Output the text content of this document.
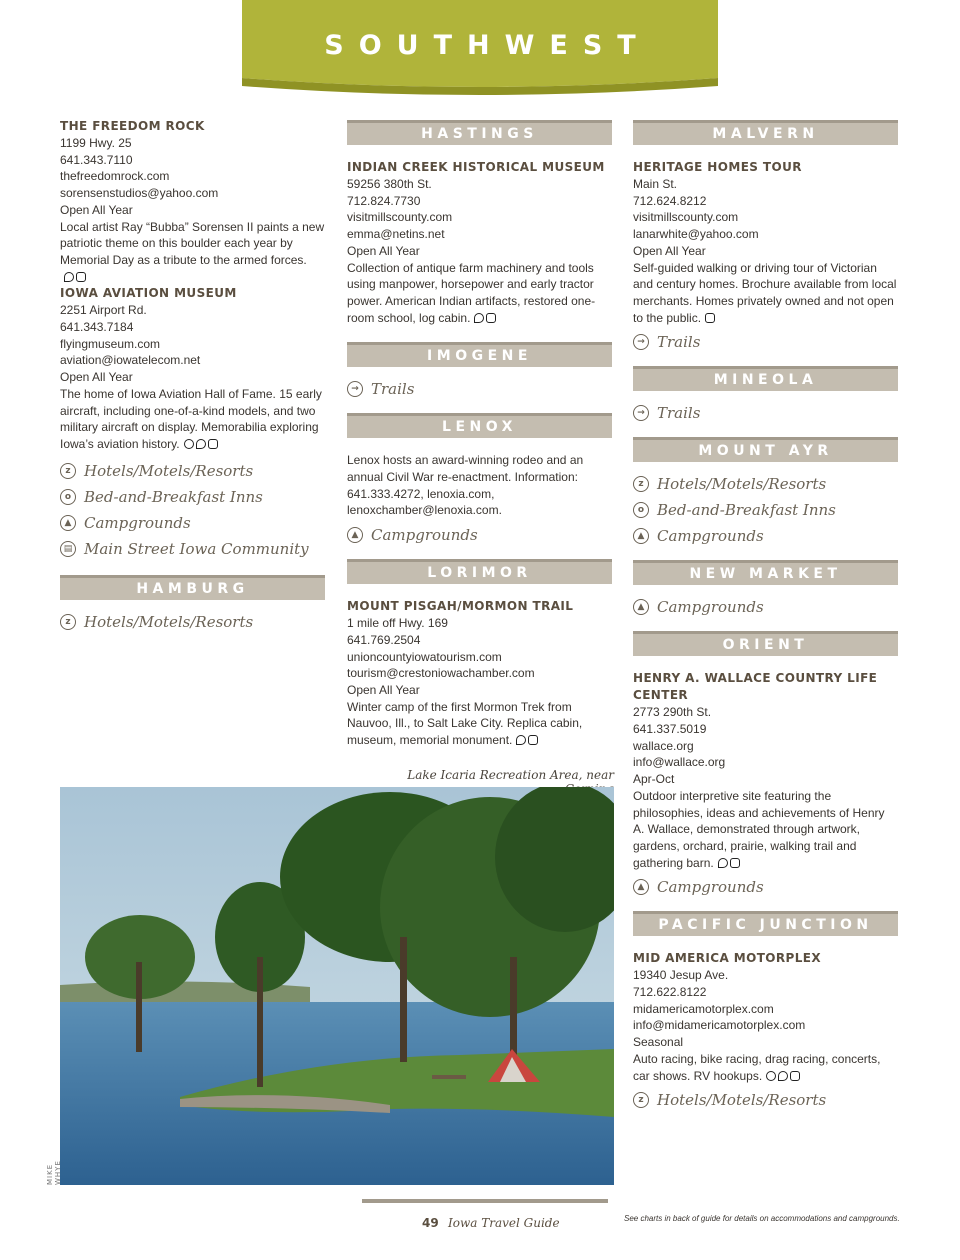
SOUTHWEST

THE FREEDOM ROCK

1199 Hwy. 25

641.343.7110

thefreedomrock.com

sorensenstudios@yahoo.com

Open All Year

Local artist Ray “Bubba” Sorensen II paints a new patriotic theme on this boulder each year by Memorial Day as a tribute to the armed forces.

IOWA AVIATION MUSEUM

2251 Airport Rd.

641.343.7184

flyingmuseum.com

aviation@iowatelecom.net

Open All Year

The home of Iowa Aviation Hall of Fame. 15 early aircraft, including one-of-a-kind models, and two military aircraft on display. Memorabilia exploring Iowa’s aviation history.

z Hotels/Motels/Resorts
o Bed-and-Breakfast Inns
▲ Campgrounds
▤ Main Street Iowa Community
HAMBURG
z Hotels/Motels/Resorts
HASTINGS

INDIAN CREEK HISTORICAL MUSEUM

59256 380th St.

712.824.7730

visitmillscounty.com

emma@netins.net

Open All Year

Collection of antique farm machinery and tools using manpower, horsepower and early tractor power. American Indian artifacts, restored one-room school, log cabin.

IMOGENE
→ Trails
LENOX

Lenox hosts an award-winning rodeo and an annual Civil War re-enactment. Information: 641.333.4272, lenoxia.com, lenoxchamber@lenoxia.com.

▲ Campgrounds
LORIMOR

MOUNT PISGAH/MORMON TRAIL

1 mile off Hwy. 169

641.769.2504

unioncountyiowatourism.com

tourism@crestoniowachamber.com

Open All Year

Winter camp of the first Mormon Trek from Nauvoo, Ill., to Salt Lake City. Replica cabin, museum, memorial monument.

MALVERN

HERITAGE HOMES TOUR

Main St.

712.624.8212

visitmillscounty.com

lanarwhite@yahoo.com

Open All Year

Self-guided walking or driving tour of Victorian and century homes. Brochure available from local merchants. Homes privately owned and not open to the public.

→ Trails
MINEOLA
→ Trails
MOUNT AYR
z Hotels/Motels/Resorts
o Bed-and-Breakfast Inns
▲ Campgrounds
NEW MARKET
▲ Campgrounds
ORIENT

HENRY A. WALLACE COUNTRY LIFE CENTER

2773 290th St.

641.337.5019

wallace.org

info@wallace.org

Apr-Oct

Outdoor interpretive site featuring the philosophies, ideas and achievements of Henry A. Wallace, demonstrated through artwork, gardens, orchard, prairie, walking trail and gathering barn.

▲ Campgrounds
PACIFIC JUNCTION

MID AMERICA MOTORPLEX

19340 Jesup Ave.

712.622.8122

midamericamotorplex.com

info@midamericamotorplex.com

Seasonal

Auto racing, bike racing, drag racing, concerts, car shows. RV hookups.

z Hotels/Motels/Resorts
Lake Icaria Recreation Area, near
MIKE WHYE
49 Iowa Travel Guide	See charts in back of guide for details on accommodations and campgrounds.
